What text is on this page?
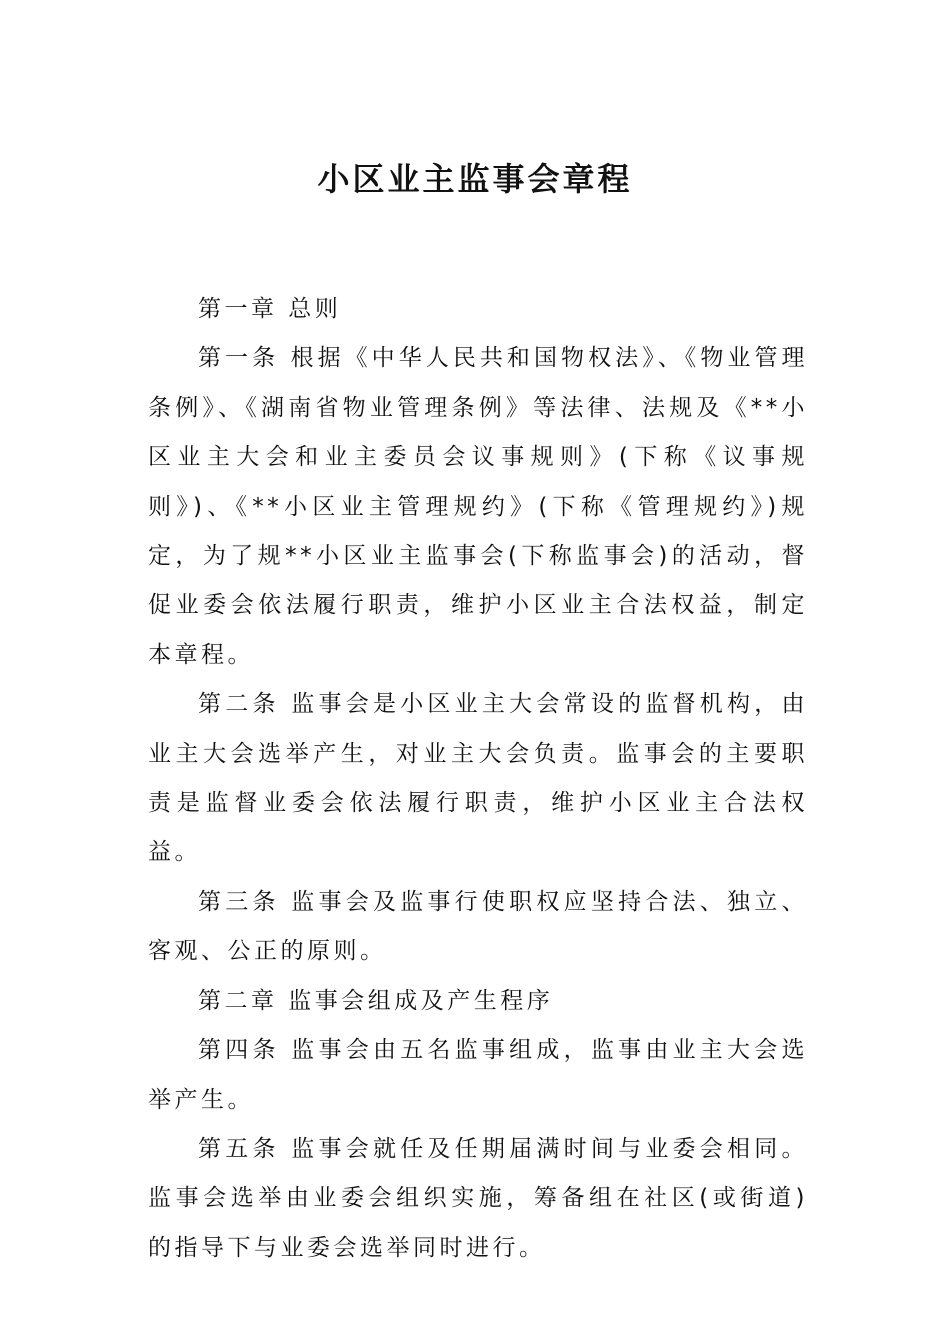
小区业主监事会章程

第一章 总则

第一条 根据《中华人民共和国物权法》、《物业管理条例》、《湖南省物业管理条例》等法律、法规及《**小区业主大会和业主委员会议事规则》(下称《议事规则》)、《**小区业主管理规约》(下称《管理规约》)规定，为了规**小区业主监事会(下称监事会)的活动，督促业委会依法履行职责，维护小区业主合法权益，制定本章程。

第二条 监事会是小区业主大会常设的监督机构，由业主大会选举产生，对业主大会负责。监事会的主要职责是监督业委会依法履行职责，维护小区业主合法权益。

第三条 监事会及监事行使职权应坚持合法、独立、客观、公正的原则。

第二章 监事会组成及产生程序

第四条 监事会由五名监事组成，监事由业主大会选举产生。

第五条 监事会就任及任期届满时间与业委会相同。监事会选举由业委会组织实施，筹备组在社区(或街道)的指导下与业委会选举同时进行。
